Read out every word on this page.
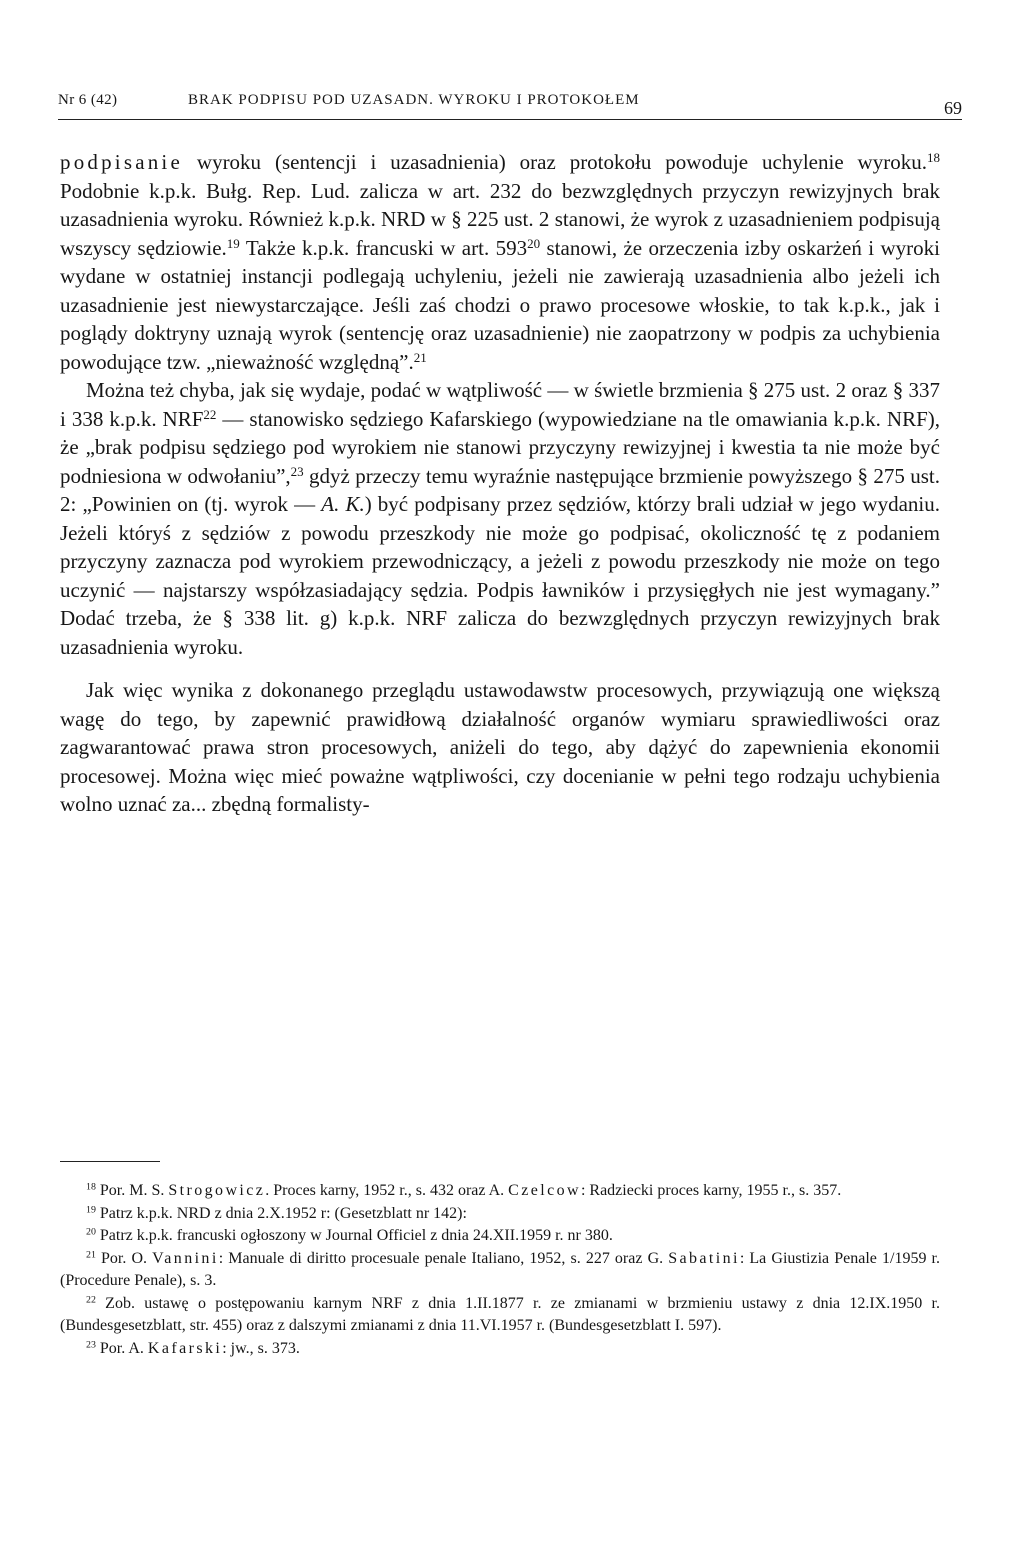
Nr 6 (42)	BRAK PODPISU POD UZASADN. WYROKU I PROTOKOŁEM	69

podpisanie wyroku (sentencji i uzasadnienia) oraz protokołu powoduje uchylenie wyroku.$^{18}$ Podobnie k.p.k. Bułg. Rep. Lud. zalicza w art. 232 do bezwzględnych przyczyn rewizyjnych brak uzasadnienia wyroku. Również k.p.k. NRD w § 225 ust. 2 stanowi, że wyrok z uzasadnieniem podpisują wszyscy sędziowie.$^{19}$ Także k.p.k. francuski w art. $593^{20}$ stanowi, że orzeczenia izby oskarżeń i wyroki wydane w ostatniej instancji podlegają uchyleniu, jeżeli nie zawierają uzasadnienia albo jeżeli ich uzasadnienie jest niewystarczające. Jeśli zaś chodzi o prawo procesowe włoskie, to tak k.p.k., jak i poglądy doktryny uznają wyrok (sentencję oraz uzasadnienie) nie zaopatrzony w podpis za uchybienia powodujące tzw. „nieważność względną”.$^{21}$

Można też chyba, jak się wydaje, podać w wątpliwość — w świetle brzmienia § 275 ust. 2 oraz § 337 i 338 k.p.k. NRF$^{22}$ — stanowisko sędziego Kafarskiego (wypowiedziane na tle omawiania k.p.k. NRF), że „brak podpisu sędziego pod wyrokiem nie stanowi przyczyny rewizyjnej i kwestia ta nie może być podniesiona w odwołaniu”,$^{23}$ gdyż przeczy temu wyraźnie następujące brzmienie powyższego § 275 ust. 2: „Powinien on (tj. wyrok — A. K.) być podpisany przez sędziów, którzy brali udział w jego wydaniu. Jeżeli któryś z sędziów z powodu przeszkody nie może go podpisać, okoliczność tę z podaniem przyczyny zaznacza pod wyrokiem przewodniczący, a jeżeli z powodu przeszkody nie może on tego uczynić — najstarszy współzasiadający sędzia. Podpis ławników i przysięgłych nie jest wymagany.” Dodać trzeba, że § 338 lit. g) k.p.k. NRF zalicza do bezwzględnych przyczyn rewizyjnych brak uzasadnienia wyroku.

Jak więc wynika z dokonanego przeglądu ustawodawstw procesowych, przywiązują one większą wagę do tego, by zapewnić prawidłową działalność organów wymiaru sprawiedliwości oraz zagwarantować prawa stron procesowych, aniżeli do tego, aby dążyć do zapewnienia ekonomii procesowej. Można więc mieć poważne wątpliwości, czy docenianie w pełni tego rodzaju uchybienia wolno uznać za... zbędną formalisty-

$^{18}$ Por. M. S. Strogowicz. Proces karny, 1952 r., s. 432 oraz A. Czelcow: Radziecki proces karny, 1955 r., s. 357.

$^{19}$ Patrz k.p.k. NRD z dnia 2.X.1952 r: (Gesetzblatt nr 142):

$^{20}$ Patrz k.p.k. francuski ogłoszony w Journal Officiel z dnia 24.XII.1959 r. nr 380.

$^{21}$ Por. O. Vannini: Manuale di diritto procesuale penale Italiano, 1952, s. 227 oraz G. Sabatini: La Giustizia Penale 1/1959 r. (Procedure Penale), s. 3.

$^{22}$ Zob. ustawę o postępowaniu karnym NRF z dnia 1.II.1877 r. ze zmianami w brzmieniu ustawy z dnia 12.IX.1950 r. (Bundesgesetzblatt, str. 455) oraz z dalszymi zmianami z dnia 11.VI.1957 r. (Bundesgesetzblatt I. 597).

$^{23}$ Por. A. Kafarski: jw., s. 373.
